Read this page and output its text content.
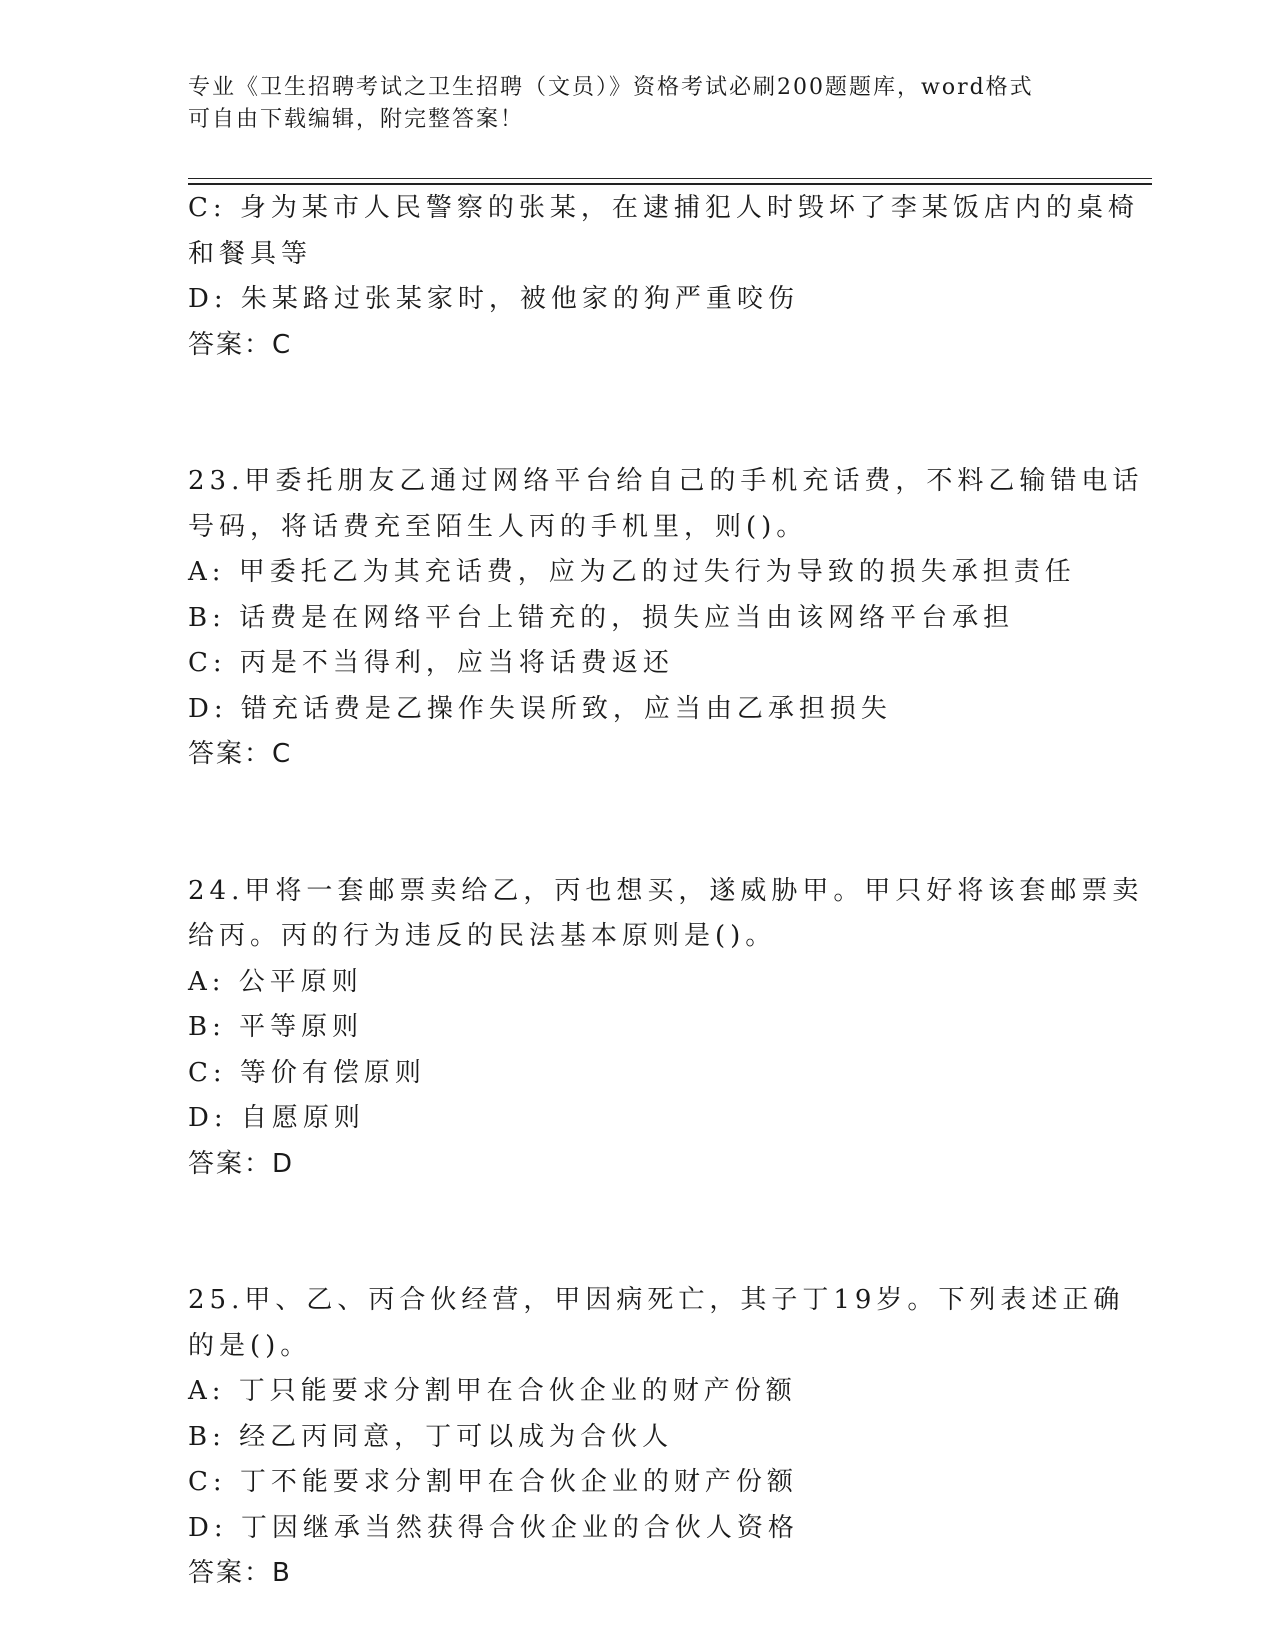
专业《卫生招聘考试之卫生招聘（文员）》资格考试必刷200题题库，word格式
可自由下载编辑，附完整答案！
C: 身为某市人民警察的张某，在逮捕犯人时毁坏了李某饭店内的桌椅
和餐具等
D: 朱某路过张某家时，被他家的狗严重咬伤
答案：C
23.甲委托朋友乙通过网络平台给自己的手机充话费，不料乙输错电话
号码，将话费充至陌生人丙的手机里，则()。
A: 甲委托乙为其充话费，应为乙的过失行为导致的损失承担责任
B: 话费是在网络平台上错充的，损失应当由该网络平台承担
C: 丙是不当得利，应当将话费返还
D: 错充话费是乙操作失误所致，应当由乙承担损失
答案：C
24.甲将一套邮票卖给乙，丙也想买，遂威胁甲。甲只好将该套邮票卖
给丙。丙的行为违反的民法基本原则是()。
A: 公平原则
B: 平等原则
C: 等价有偿原则
D: 自愿原则
答案：D
25.甲、乙、丙合伙经营，甲因病死亡，其子丁19岁。下列表述正确
的是()。
A: 丁只能要求分割甲在合伙企业的财产份额
B: 经乙丙同意，丁可以成为合伙人
C: 丁不能要求分割甲在合伙企业的财产份额
D: 丁因继承当然获得合伙企业的合伙人资格
答案：B
